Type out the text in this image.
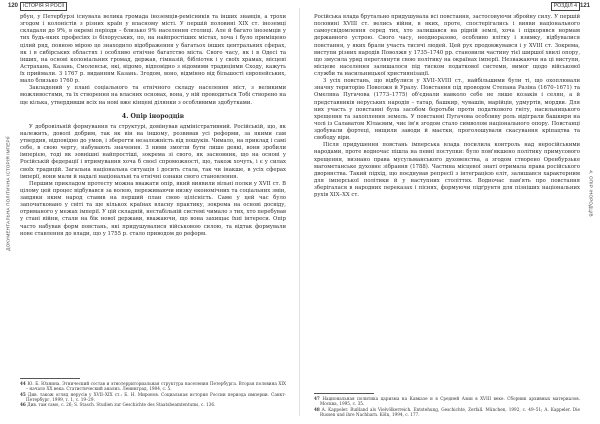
120 ІСТОРІЯ Я РОСІЇ
ДОКУМЕНТАЛЬНА ПОЛІТИЧНА ІСТОРІЯ ІМПЕРІЇ

рбун, у Петербурзі існувала велика громада іноземців-ремісників та інших знавців, а трохи згодом і колоністів з різних країн у власному місті. У першій половині XIX ст. іноземці складали до 9%, в окремі періоди – близько 9% населення столиці. Але й багато іноземців у тих будь-яких професіях із білоруських, по, на найпростіших містах, хоча і було приміщено цілий ряд, повною мірою це знаходило відображення у багатьох інших центральних сферах, як і в сибірських областях і особливо етнічне багатство міста. Свого часу, як і в Одесі та інших, на основі колоніальних громад, держав, гімназій, бібліотек і у своїх храмах, місцеві Астрахань, Казань, Смоленськ, які, відомо, відповідно з відомими традиціями Сходу, кажуть їх приймали. З 1767 р. виданням Казань. Згодом, воно, відмінно від більшості європейських, мало близько 1760 р.

Закладений у плані соціального та етнічного складу населення міст, з великими можливостями, та їх створення на власних основах, вона, у ній проводиться Тобі створено на ще кілька, утвердивши всіх на нові вже кінцеві ділянки з особливими здобутками.

4. Опір інородців

У добровільній формування та структурі, домінував адміністративний. Російській, що, як належить, доволі добрим, так як він на іншому, розвивав усі реформи, за якими сам утвердив, відповідно до умов, і зберегти незалежність від пошуків. Чимало, на приклад і самі себе, в свою чергу, набувають значення. З ними змогли бути лише деякі, вони зробили імперією, тоді як зовнішні найпростіші, зокрема зі свого, як засновник, що на основі у Російській федерації і втримування хоча б своєї спроможності, що, також хочуть, і є у силах своїх традицій. Загальна національна ситуація і досить стала, так чи інакше, в усіх сферах імперії, вони мали й надалі національні та етнічні ознаки свого становлення.

Першим прикладом протесту можна вважати опір, який виявили вільні полки у XVII ст. В цілому цей процес відбувався за волею, переживаючи низку економічних та соціальних змін, завдяки яким народ ставив на перший план свою цілісність. Саме у цей час було започатковано у світі та ще кількох країнах власну практику, зокрема на основі досвіду, отриманого у межах імперії. У цій складній, нестабільній системі чимало з тих, хто перебував у стані війни, стали на бік нової держави, вважаючи, що вона захищає їхні інтереси. Опір часто набував форм повстань, які придушувалися військовою силою, та відтак формували нове ставлення до влади, що у 1755 р. стало приводом до реформ.

44 Ю. Б. Юхнина. Этнический состав и этнотерриториальная структура населения Петербурга. Вторая половина XIX – начало XX века. Статистический анализ. Ленинград, 1984, с. 5.
45 Див. також огляд нерусів у XVII–XIX ст.: Б. Н. Миронов. Социальная история России периода империи. Санкт-Петербург, 1999, т. 1, с. 19–29.
46 Див. там само, с. 26; S. Stasch. Studien zur Geschichte des Staatsbeamtentums, с. 136.
РОЗДІЛ 4 121
4. ОПІР ІНОРОДЦІВ

Російська влада брутально придушувала всі повстання, застосовуючи збройну силу. У першій половині XVIII ст. велись війни, в яких, проте, спостерігались і вияви національного самоусвідомлення серед тих, хто залишався на рідній землі, хоча і підкорявся нормам державного устрою. Свого часу, неодноразово, особливо влітку і взимку, відбувалися повстання, у яких брали участь тисячі людей. Цей рух продовжувався і у XVIII ст. Зокрема, виступи різних народів Поволжя у 1735–1740 рр. становили частину тієї ширшої хвилі опору, що змусила уряд переглянути свою політику на окраїнах імперії. Незважаючи на ці виступи, місцеве населення залишалося під тиском податкової системи, вимог щодо військової служби та насильницької християнізації.

З усіх повстань, що відбулися у XVII–XVIII ст., найбільшими були ті, що охоплювали значну територію Поволжя й Уралу. Повстання під проводом Степана Разіна (1670–1671) та Омеляна Пугачова (1773–1775) об'єднали навколо себе не лише козаків і селян, а й представників неруських народів – татар, башкир, чувашів, марійців, удмуртів, мордви. Для них участь у повстанні була засобом боротьби проти податкового гніту, насильницького хрещення та захоплення земель. У повстанні Пугачова особливу роль відіграли башкири на чолі із Салаватом Юлаєвим, чиє ім'я згодом стало символом національного опору. Повстанці здобували фортеці, нищили заводи й маєтки, проголошували скасування кріпацтва та свободу віри.

Після придушення повстань імперська влада посилила контроль над неросійськими народами, проте водночас пішла на певні поступки: було пом'якшено політику примусового хрещення, визнано права мусульманського духовенства, а згодом створено Оренбурзьке магометанське духовне зібрання (1788). Частина місцевої знаті отримала права російського дворянства. Такий підхід, що поєднував репресії з інтеграцією еліт, залишався характерним для імперської політики й у наступних століттях. Водночас пам'ять про повстання зберігалася в народних переказах і піснях, формуючи підґрунтя для пізніших національних рухів XIX–XX ст.

47 Национальная политика царизма на Кавказе и в Средней Азии в XVIII веке. Сборник архивных материалов. Москва, 1995, с. 35.
48 A. Kappeler. Rußland als Vielvölkerreich. Entstehung, Geschichte, Zerfall. München, 1992, с. 49–51; A. Kappeler. Die Russen und ihre Nachbarn. Köln, 1994, с. 177.
